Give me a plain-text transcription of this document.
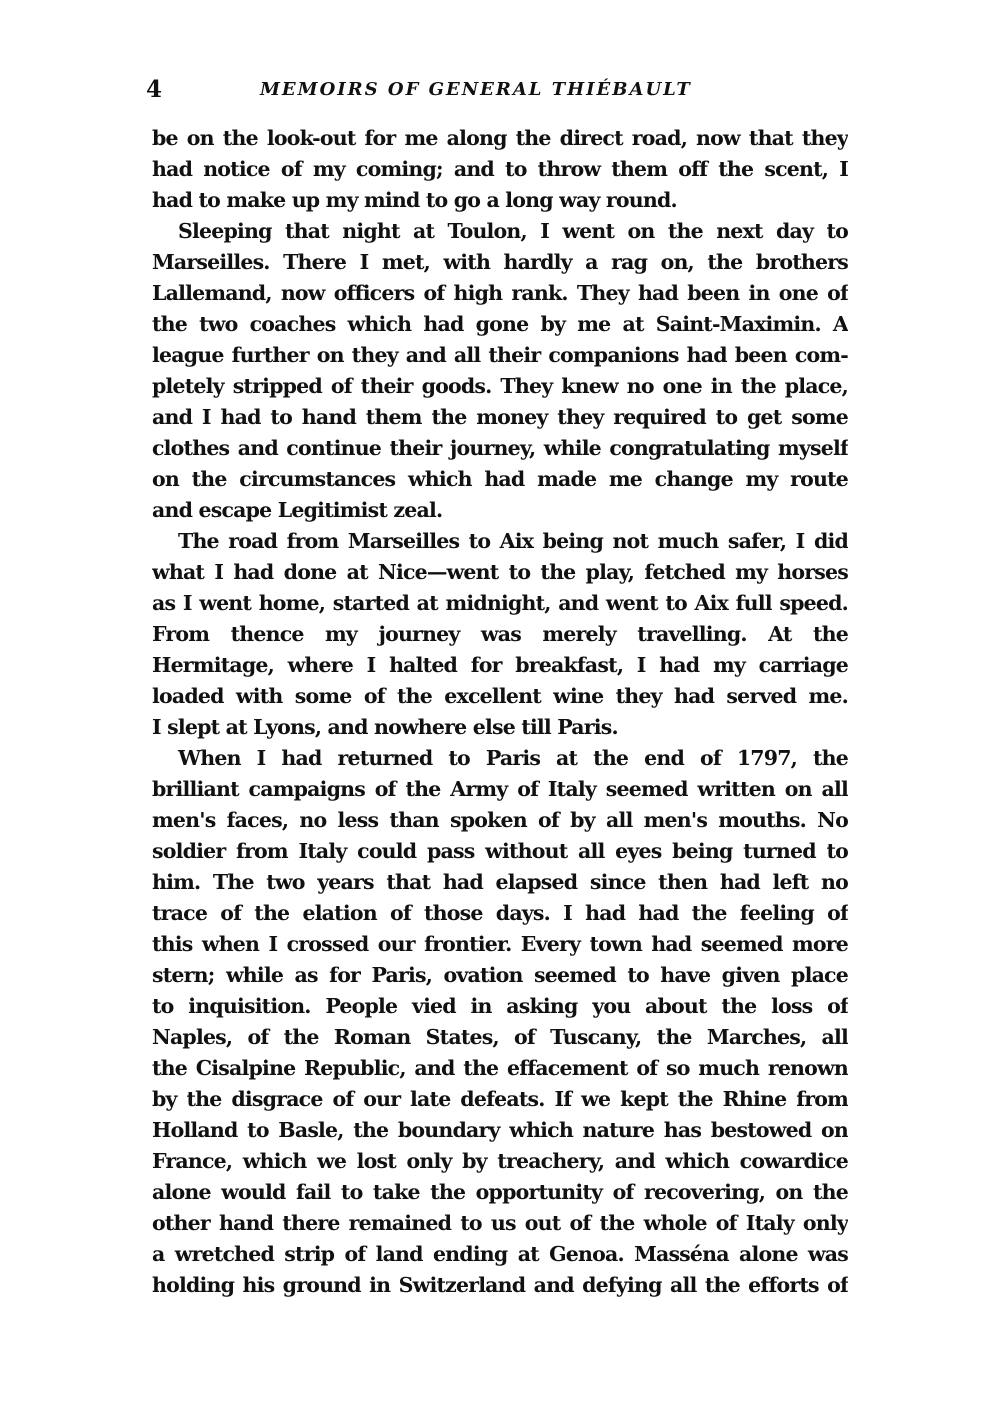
4	MEMOIRS OF GENERAL THIÉBAULT
be on the look-out for me along the direct road, now that they
had notice of my coming; and to throw them off the scent, I
had to make up my mind to go a long way round.
Sleeping that night at Toulon, I went on the next day to
Marseilles. There I met, with hardly a rag on, the brothers
Lallemand, now officers of high rank. They had been in one of
the two coaches which had gone by me at Saint-Maximin. A
league further on they and all their companions had been com-
pletely stripped of their goods. They knew no one in the place,
and I had to hand them the money they required to get some
clothes and continue their journey, while congratulating myself
on the circumstances which had made me change my route
and escape Legitimist zeal.
The road from Marseilles to Aix being not much safer, I did
what I had done at Nice—went to the play, fetched my horses
as I went home, started at midnight, and went to Aix full speed.
From thence my journey was merely travelling. At the
Hermitage, where I halted for breakfast, I had my carriage
loaded with some of the excellent wine they had served me.
I slept at Lyons, and nowhere else till Paris.
When I had returned to Paris at the end of 1797, the
brilliant campaigns of the Army of Italy seemed written on all
men's faces, no less than spoken of by all men's mouths. No
soldier from Italy could pass without all eyes being turned to
him. The two years that had elapsed since then had left no
trace of the elation of those days. I had had the feeling of
this when I crossed our frontier. Every town had seemed more
stern; while as for Paris, ovation seemed to have given place
to inquisition. People vied in asking you about the loss of
Naples, of the Roman States, of Tuscany, the Marches, all
the Cisalpine Republic, and the effacement of so much renown
by the disgrace of our late defeats. If we kept the Rhine from
Holland to Basle, the boundary which nature has bestowed on
France, which we lost only by treachery, and which cowardice
alone would fail to take the opportunity of recovering, on the
other hand there remained to us out of the whole of Italy only
a wretched strip of land ending at Genoa. Masséna alone was
holding his ground in Switzerland and defying all the efforts of
